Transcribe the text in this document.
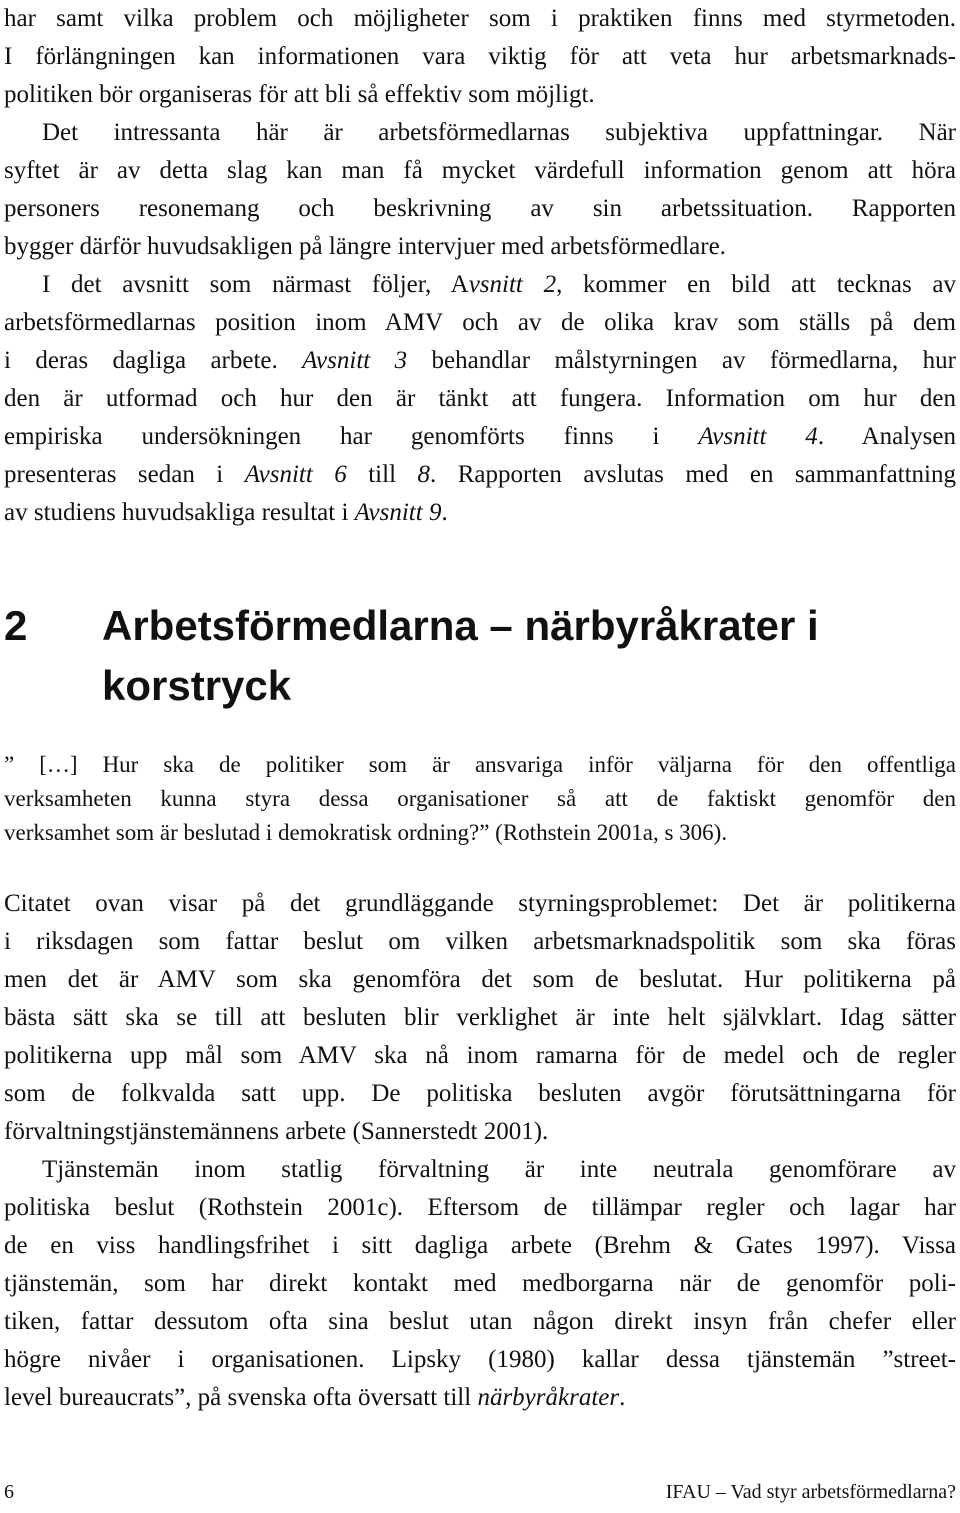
har samt vilka problem och möjligheter som i praktiken finns med styrmetoden.
I förlängningen kan informationen vara viktig för att veta hur arbetsmarknads-
politiken bör organiseras för att bli så effektiv som möjligt.
Det intressanta här är arbetsförmedlarnas subjektiva uppfattningar. När
syftet är av detta slag kan man få mycket värdefull information genom att höra
personers resonemang och beskrivning av sin arbetssituation. Rapporten
bygger därför huvudsakligen på längre intervjuer med arbetsförmedlare.
I det avsnitt som närmast följer, Avsnitt 2, kommer en bild att tecknas av
arbetsförmedlarnas position inom AMV och av de olika krav som ställs på dem
i deras dagliga arbete. Avsnitt 3 behandlar målstyrningen av förmedlarna, hur
den är utformad och hur den är tänkt att fungera. Information om hur den
empiriska undersökningen har genomförts finns i Avsnitt 4. Analysen
presenteras sedan i Avsnitt 6 till 8. Rapporten avslutas med en sammanfattning
av studiens huvudsakliga resultat i Avsnitt 9.
2 Arbetsförmedlarna – närbyråkrater i
korstryck
” […] Hur ska de politiker som är ansvariga inför väljarna för den offentliga
verksamheten kunna styra dessa organisationer så att de faktiskt genomför den
verksamhet som är beslutad i demokratisk ordning?” (Rothstein 2001a, s 306).
Citatet ovan visar på det grundläggande styrningsproblemet: Det är politikerna
i riksdagen som fattar beslut om vilken arbetsmarknadspolitik som ska föras
men det är AMV som ska genomföra det som de beslutat. Hur politikerna på
bästa sätt ska se till att besluten blir verklighet är inte helt självklart. Idag sätter
politikerna upp mål som AMV ska nå inom ramarna för de medel och de regler
som de folkvalda satt upp. De politiska besluten avgör förutsättningarna för
förvaltningstjänstemännens arbete (Sannerstedt 2001).
Tjänstemän inom statlig förvaltning är inte neutrala genomförare av
politiska beslut (Rothstein 2001c). Eftersom de tillämpar regler och lagar har
de en viss handlingsfrihet i sitt dagliga arbete (Brehm & Gates 1997). Vissa
tjänstemän, som har direkt kontakt med medborgarna när de genomför poli-
tiken, fattar dessutom ofta sina beslut utan någon direkt insyn från chefer eller
högre nivåer i organisationen. Lipsky (1980) kallar dessa tjänstemän ”street-
level bureaucrats”, på svenska ofta översatt till närbyråkrater.
6	IFAU – Vad styr arbetsförmedlarna?
